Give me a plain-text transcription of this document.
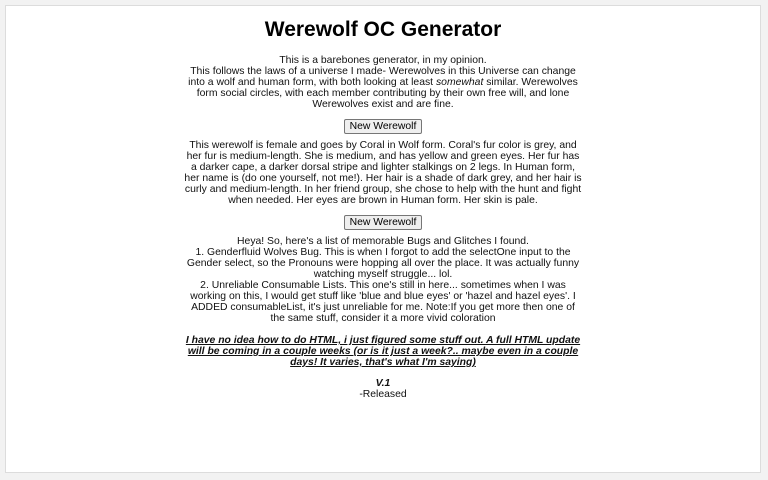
Werewolf OC Generator

This is a barebones generator, in my opinion.
This follows the laws of a universe I made- Werewolves in this Universe can change into a wolf and human form, with both looking at least somewhat similar. Werewolves form social circles, with each member contributing by their own free will, and lone Werewolves exist and are fine.

New Werewolf

This werewolf is female and goes by Coral in Wolf form. Coral's fur color is grey, and her fur is medium-length. She is medium, and has yellow and green eyes. Her fur has a darker cape, a darker dorsal stripe and lighter stalkings on 2 legs. In Human form, her name is (do one yourself, not me!). Her hair is a shade of dark grey, and her hair is curly and medium-length. In her friend group, she chose to help with the hunt and fight when needed. Her eyes are brown in Human form. Her skin is pale.

New Werewolf

Heya! So, here's a list of memorable Bugs and Glitches I found.
1. Genderfluid Wolves Bug. This is when I forgot to add the selectOne input to the Gender select, so the Pronouns were hopping all over the place. It was actually funny watching myself struggle... lol.
2. Unreliable Consumable Lists. This one's still in here... sometimes when I was working on this, I would get stuff like 'blue and blue eyes' or 'hazel and hazel eyes'. I ADDED consumableList, it's just unreliable for me. Note:If you get more then one of the same stuff, consider it a more vivid coloration

I have no idea how to do HTML, i just figured some stuff out. A full HTML update will be coming in a couple weeks (or is it just a week?.. maybe even in a couple days! It varies, that's what I'm saying)

V.1
-Released
